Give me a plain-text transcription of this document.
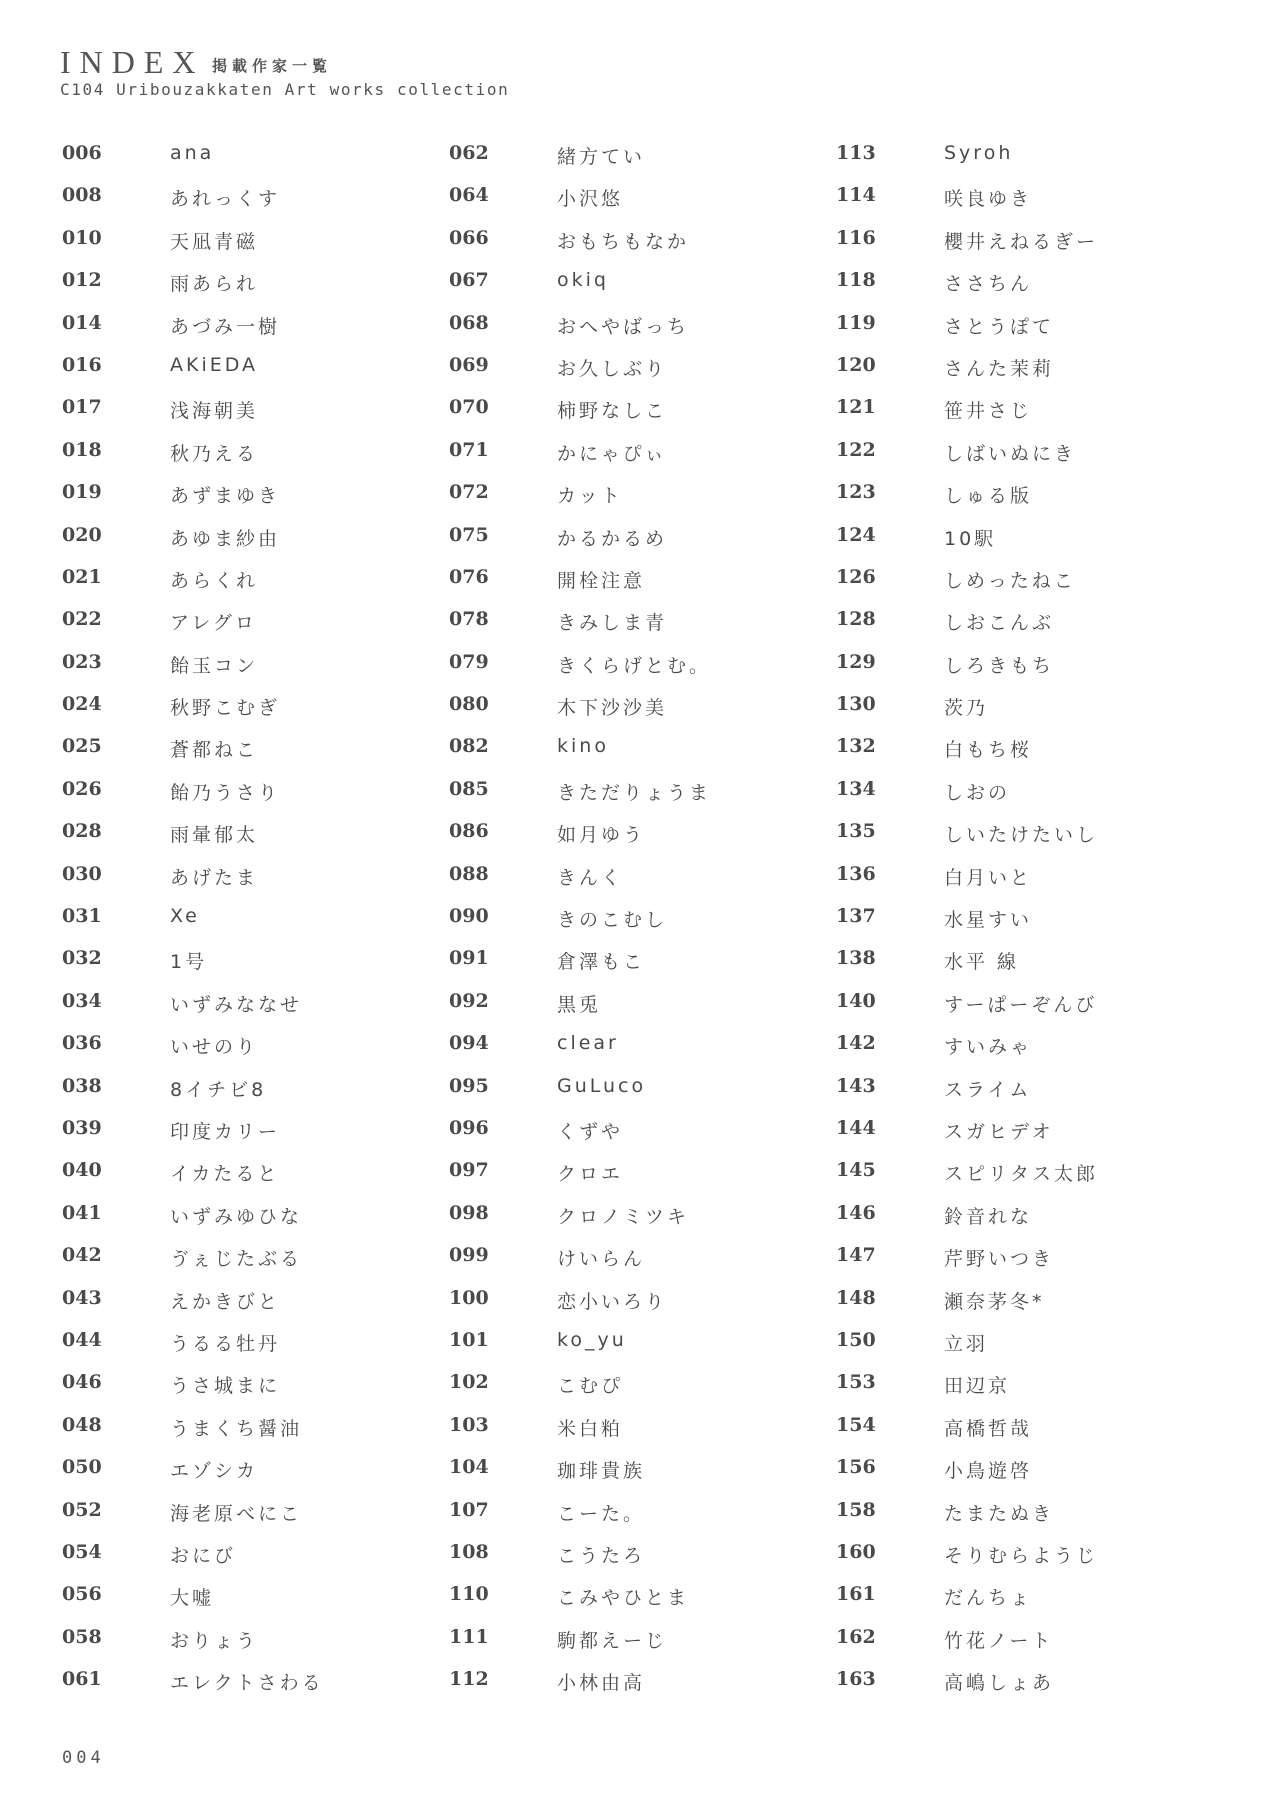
INDEX 掲載作家一覧
C104 Uribouzakkaten Art works collection
006	ana
008	あれっくす
010	天凪青磁
012	雨あられ
014	あづみ一樹
016	AKiEDA
017	浅海朝美
018	秋乃える
019	あずまゆき
020	あゆま紗由
021	あらくれ
022	アレグロ
023	飴玉コン
024	秋野こむぎ
025	蒼都ねこ
026	飴乃うさり
028	雨暈郁太
030	あげたま
031	Xe
032	1号
034	いずみななせ
036	いせのり
038	8イチビ8
039	印度カリー
040	イカたると
041	いずみゆひな
042	ゔぇじたぶる
043	えかきびと
044	うるる牡丹
046	うさ城まに
048	うまくち醤油
050	エゾシカ
052	海老原べにこ
054	おにび
056	大嘘
058	おりょう
061	エレクトさわる
062	緒方てい
064	小沢悠
066	おもちもなか
067	okiq
068	おへやばっち
069	お久しぶり
070	柿野なしこ
071	かにゃぴぃ
072	カット
075	かるかるめ
076	開栓注意
078	きみしま青
079	きくらげとむ。
080	木下沙沙美
082	kino
085	きただりょうま
086	如月ゆう
088	きんく
090	きのこむし
091	倉澤もこ
092	黒兎
094	clear
095	GuLuco
096	くずや
097	クロエ
098	クロノミツキ
099	けいらん
100	恋小いろり
101	ko_yu
102	こむぴ
103	米白粕
104	珈琲貴族
107	こーた。
108	こうたろ
110	こみやひとま
111	駒都えーじ
112	小林由高
113	Syroh
114	咲良ゆき
116	櫻井えねるぎー
118	ささちん
119	さとうぽて
120	さんた茉莉
121	笹井さじ
122	しばいぬにき
123	しゅる版
124	10駅
126	しめったねこ
128	しおこんぶ
129	しろきもち
130	茨乃
132	白もち桜
134	しおの
135	しいたけたいし
136	白月いと
137	水星すい
138	水平 線
140	すーぱーぞんび
142	すいみゃ
143	スライム
144	スガヒデオ
145	スピリタス太郎
146	鈴音れな
147	芹野いつき
148	瀬奈茅冬*
150	立羽
153	田辺京
154	高橋哲哉
156	小鳥遊啓
158	たまたぬき
160	そりむらようじ
161	だんちょ
162	竹花ノート
163	高嶋しょあ
004
